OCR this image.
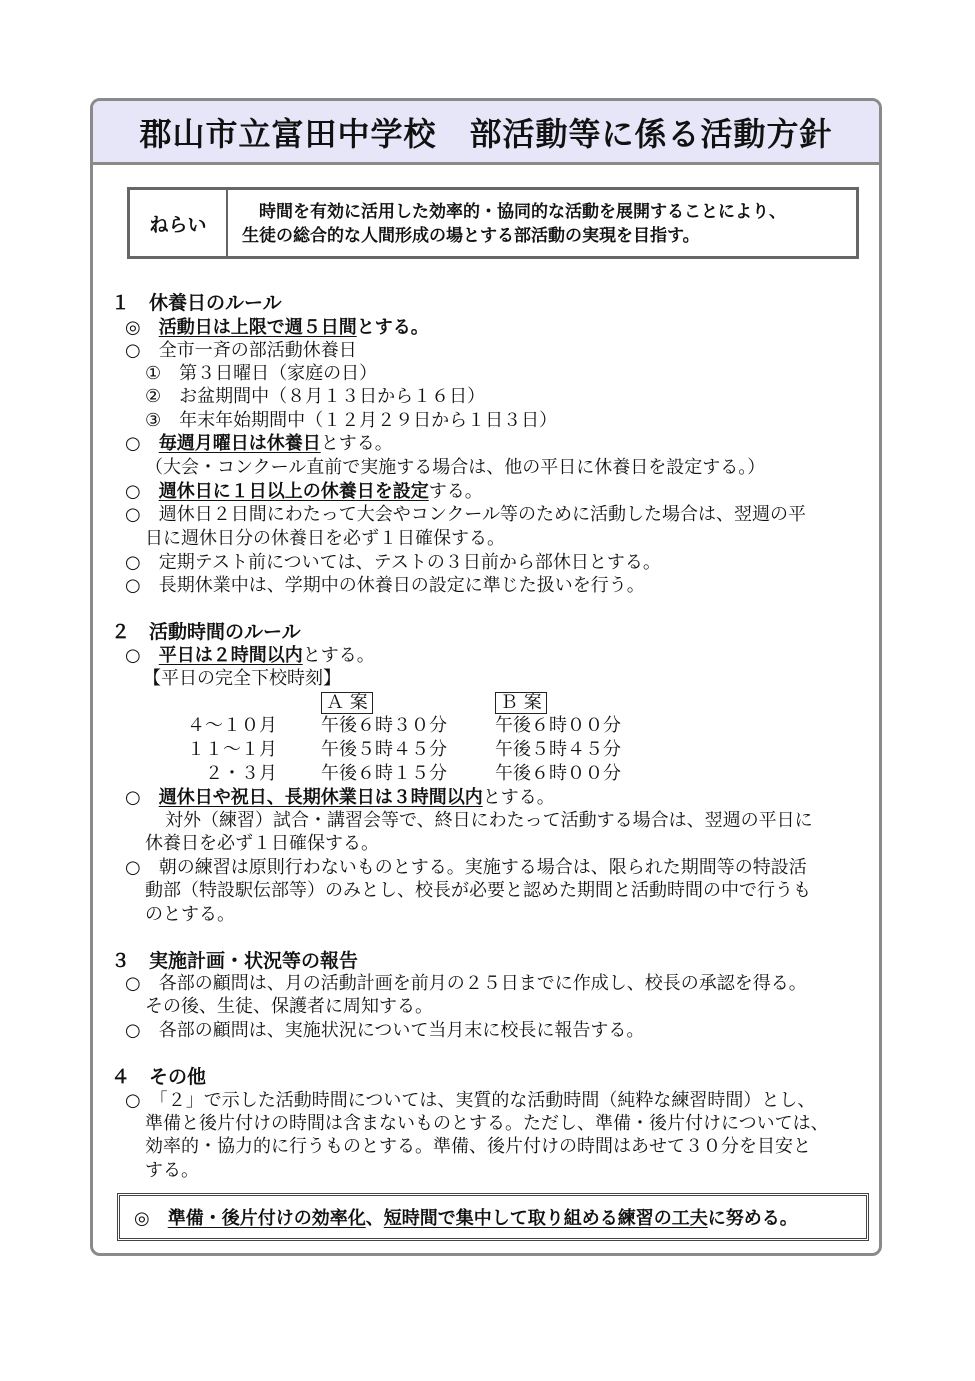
郡山市立富田中学校　部活動等に係る活動方針
ねらい
　時間を有効に活用した効率的・協同的な活動を展開することにより、
生徒の総合的な人間形成の場とする部活動の実現を目指す。
１　休養日のルール
◎　活動日は上限で週５日間とする。
○　全市一斉の部活動休養日
①　第３日曜日（家庭の日）
②　お盆期間中（８月１３日から１６日）
③　年末年始期間中（１２月２９日から１日３日）
○　毎週月曜日は休養日とする。
（大会・コンクール直前で実施する場合は、他の平日に休養日を設定する。）
○　週休日に１日以上の休養日を設定する。
○　週休日２日間にわたって大会やコンクール等のために活動した場合は、翌週の平
日に週休日分の休養日を必ず１日確保する。
○　定期テスト前については、テストの３日前から部休日とする。
○　長期休業中は、学期中の休養日の設定に準じた扱いを行う。
２　活動時間のルール
○　平日は２時間以内とする。
【平日の完全下校時刻】
Ａ 案	Ｂ 案
４～１０月 午後６時３０分	午後６時００分
１１～１月 午後５時４５分	午後５時４５分
２・３月 午後６時１５分	午後６時００分
○　週休日や祝日、長期休業日は３時間以内とする。
対外（練習）試合・講習会等で、終日にわたって活動する場合は、翌週の平日に
休養日を必ず１日確保する。
○　朝の練習は原則行わないものとする。実施する場合は、限られた期間等の特設活
動部（特設駅伝部等）のみとし、校長が必要と認めた期間と活動時間の中で行うも
のとする。
３　実施計画・状況等の報告
○　各部の顧問は、月の活動計画を前月の２５日までに作成し、校長の承認を得る。
その後、生徒、保護者に周知する。
○　各部の顧問は、実施状況について当月末に校長に報告する。
４　その他
○　「２」で示した活動時間については、実質的な活動時間（純粋な練習時間）とし、
準備と後片付けの時間は含まないものとする。ただし、準備・後片付けについては、
効率的・協力的に行うものとする。準備、後片付けの時間はあせて３０分を目安と
する。
◎　 準備・後片付けの効率化 、 短時間で集中して取り組める練習の工夫 に努める。
